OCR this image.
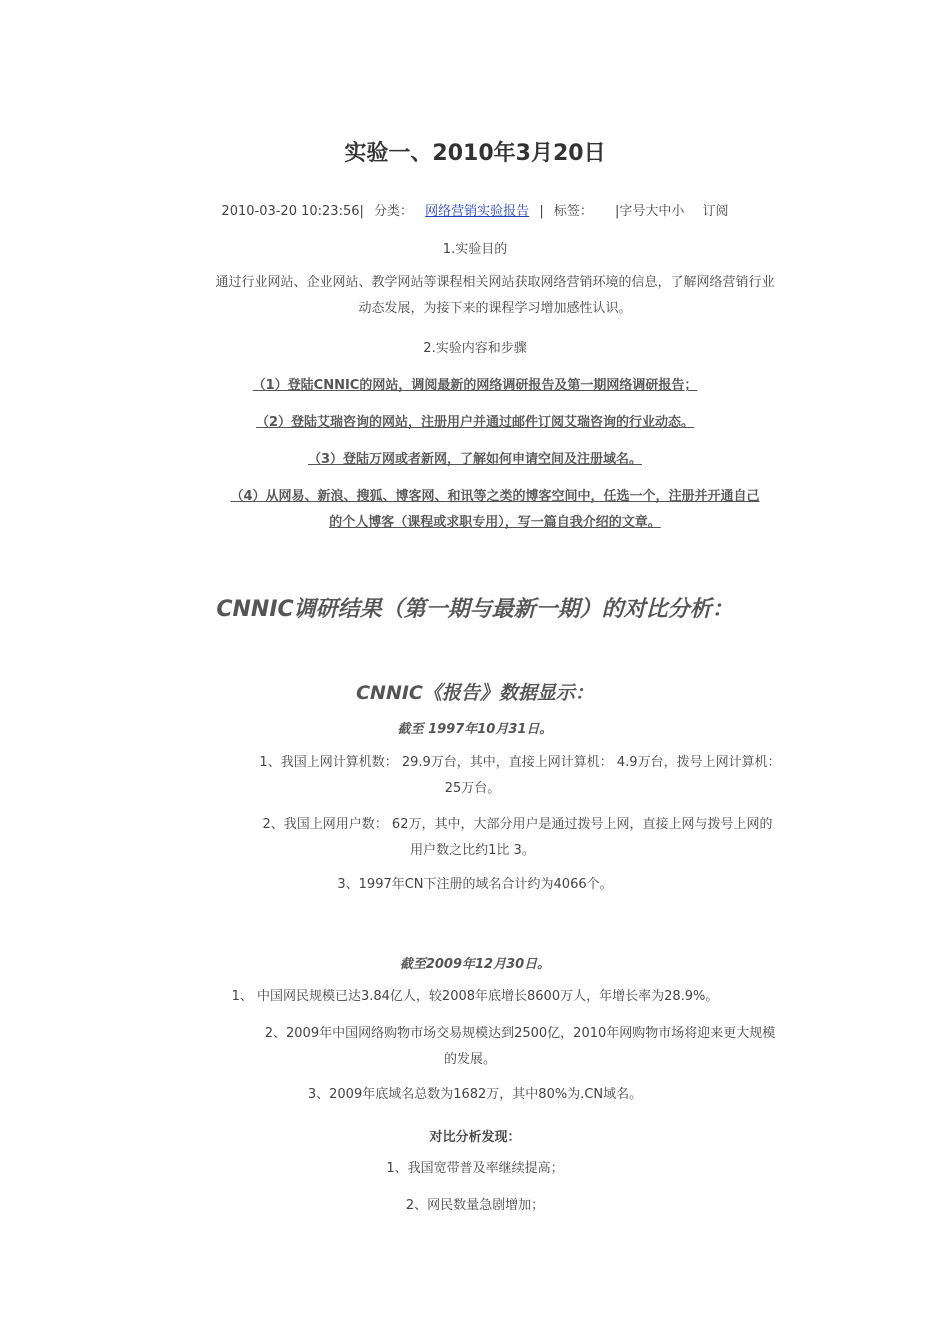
实验一、2010年3月20日
2010-03-20 10:23:56| 分类： 网络营销实验报告 | 标签： |字号大中小 订阅
1.实验目的
通过行业网站、企业网站、教学网站等课程相关网站获取网络营销环境的信息，了解网络营销行业
动态发展，为接下来的课程学习增加感性认识。
2.实验内容和步骤
（1）登陆CNNIC的网站，调阅最新的网络调研报告及第一期网络调研报告；
（2）登陆艾瑞咨询的网站，注册用户并通过邮件订阅艾瑞咨询的行业动态。
（3）登陆万网或者新网，了解如何申请空间及注册域名。
（4）从网易、新浪、搜狐、博客网、和讯等之类的博客空间中，任选一个，注册并开通自己
的个人博客（课程或求职专用），写一篇自我介绍的文章。
CNNIC调研结果（第一期与最新一期）的对比分析：
CNNIC《报告》数据显示：
截至 1997年10月31日。
1、我国上网计算机数： 29.9万台，其中，直接上网计算机： 4.9万台，拨号上网计算机：
25万台。
2、我国上网用户数： 62万，其中，大部分用户是通过拨号上网，直接上网与拨号上网的
用户数之比约1比 3。
3、1997年CN下注册的域名合计约为4066个。
截至2009年12月30日。
1、 中国网民规模已达3.84亿人，较2008年底增长8600万人，年增长率为28.9%。
2、2009年中国网络购物市场交易规模达到2500亿，2010年网购物市场将迎来更大规模
的发展。
3、2009年底域名总数为1682万，其中80%为.CN域名。
对比分析发现：
1、我国宽带普及率继续提高；
2、网民数量急剧增加；
